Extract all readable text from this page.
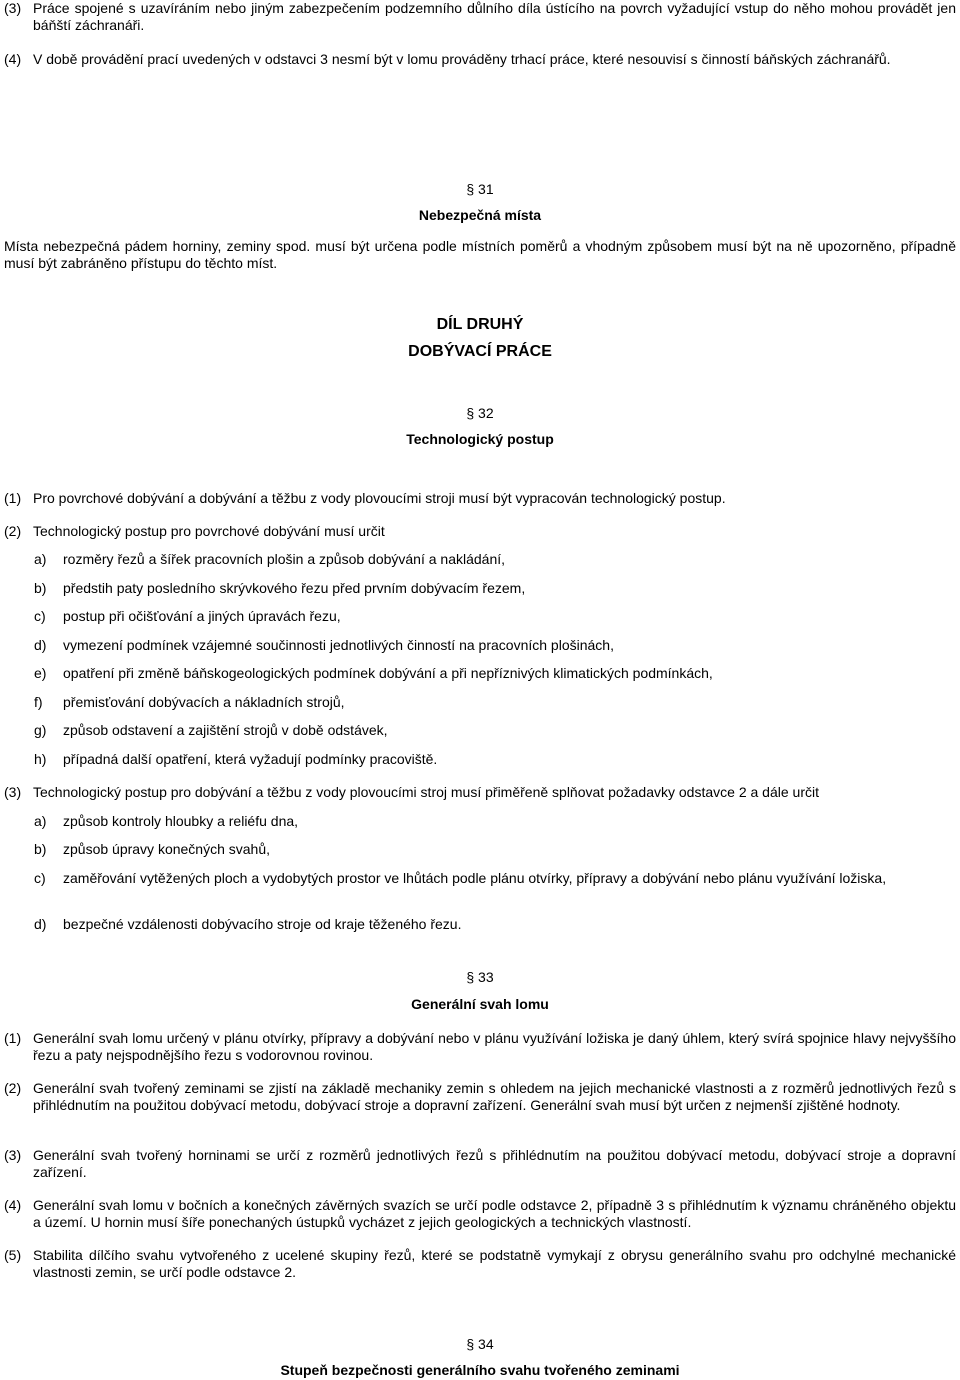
(3) Práce spojené s uzavíráním nebo jiným zabezpečením podzemního důlního díla ústícího na povrch vyžadující vstup do něho mohou provádět jen báňští záchranáři.
(4) V době provádění prací uvedených v odstavci 3 nesmí být v lomu prováděny trhací práce, které nesouvisí s činností báňských záchranářů.
§ 31
Nebezpečná místa
Místa nebezpečná pádem horniny, zeminy spod. musí být určena podle místních poměrů a vhodným způsobem musí být na ně upozorněno, případně musí být zabráněno přístupu do těchto míst.
DÍL DRUHÝ
DOBÝVACÍ PRÁCE
§ 32
Technologický postup
(1) Pro povrchové dobývání a dobývání a těžbu z vody plovoucími stroji musí být vypracován technologický postup.
(2) Technologický postup pro povrchové dobývání musí určit
a) rozměry řezů a šířek pracovních plošin a způsob dobývání a nakládání,
b) předstih paty posledního skrývkového řezu před prvním dobývacím řezem,
c) postup při očišťování a jiných úpravách řezu,
d) vymezení podmínek vzájemné součinnosti jednotlivých činností na pracovních plošinách,
e) opatření při změně báňskogeologických podmínek dobývání a při nepříznivých klimatických podmínkách,
f) přemisťování dobývacích a nákladních strojů,
g) způsob odstavení a zajištění strojů v době odstávek,
h) případná další opatření, která vyžadují podmínky pracoviště.
(3) Technologický postup pro dobývání a těžbu z vody plovoucími stroj musí přiměřeně splňovat požadavky odstavce 2 a dále určit
a) způsob kontroly hloubky a reliéfu dna,
b) způsob úpravy konečných svahů,
c) zaměřování vytěžených ploch a vydobytých prostor ve lhůtách podle plánu otvírky, přípravy a dobývání nebo plánu využívání ložiska,
d) bezpečné vzdálenosti dobývacího stroje od kraje těženého řezu.
§ 33
Generální svah lomu
(1) Generální svah lomu určený v plánu otvírky, přípravy a dobývání nebo v plánu využívání ložiska je daný úhlem, který svírá spojnice hlavy nejvyššího řezu a paty nejspodnějšího řezu s vodorovnou rovinou.
(2) Generální svah tvořený zeminami se zjistí na základě mechaniky zemin s ohledem na jejich mechanické vlastnosti a z rozměrů jednotlivých řezů s přihlédnutím na použitou dobývací metodu, dobývací stroje a dopravní zařízení. Generální svah musí být určen z nejmenší zjištěné hodnoty.
(3) Generální svah tvořený horninami se určí z rozměrů jednotlivých řezů s přihlédnutím na použitou dobývací metodu, dobývací stroje a dopravní zařízení.
(4) Generální svah lomu v bočních a konečných závěrných svazích se určí podle odstavce 2, případně 3 s přihlédnutím k významu chráněného objektu a území. U hornin musí šíře ponechaných ústupků vycházet z jejich geologických a technických vlastností.
(5) Stabilita dílčího svahu vytvořeného z ucelené skupiny řezů, které se podstatně vymykají z obrysu generálního svahu pro odchylné mechanické vlastnosti zemin, se určí podle odstavce 2.
§ 34
Stupeň bezpečnosti generálního svahu tvořeného zeminami
